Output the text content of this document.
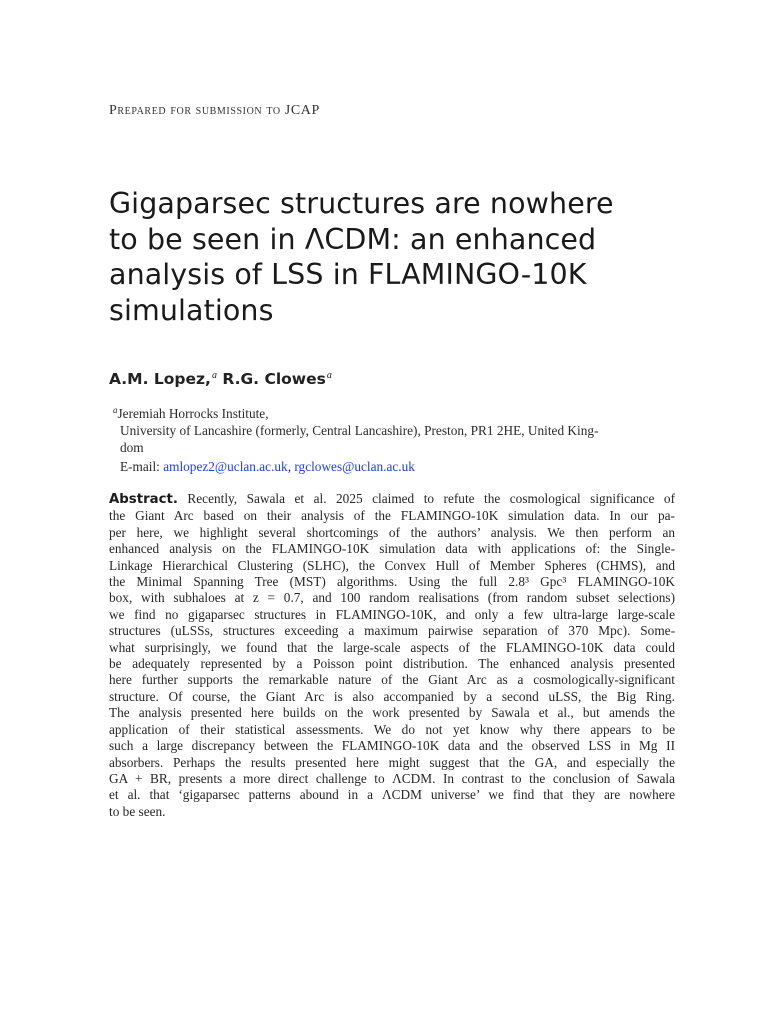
Prepared for submission to JCAP
Gigaparsec structures are nowhere
to be seen in ΛCDM: an enhanced
analysis of LSS in FLAMINGO-10K
simulations
A.M. Lopez,$^a$ R.G. Clowes$^a$
$^a$Jeremiah Horrocks Institute,
University of Lancashire (formerly, Central Lancashire), Preston, PR1 2HE, United King-
dom
E-mail: amlopez2@uclan.ac.uk, rgclowes@uclan.ac.uk
Abstract. Recently, Sawala et al. 2025 claimed to refute the cosmological significance of
the Giant Arc based on their analysis of the FLAMINGO-10K simulation data. In our pa-
per here, we highlight several shortcomings of the authors’ analysis. We then perform an
enhanced analysis on the FLAMINGO-10K simulation data with applications of: the Single-
Linkage Hierarchical Clustering (SLHC), the Convex Hull of Member Spheres (CHMS), and
the Minimal Spanning Tree (MST) algorithms. Using the full 2.8³ Gpc³ FLAMINGO-10K
box, with subhaloes at z = 0.7, and 100 random realisations (from random subset selections)
we find no gigaparsec structures in FLAMINGO-10K, and only a few ultra-large large-scale
structures (uLSSs, structures exceeding a maximum pairwise separation of 370 Mpc). Some-
what surprisingly, we found that the large-scale aspects of the FLAMINGO-10K data could
be adequately represented by a Poisson point distribution. The enhanced analysis presented
here further supports the remarkable nature of the Giant Arc as a cosmologically-significant
structure. Of course, the Giant Arc is also accompanied by a second uLSS, the Big Ring.
The analysis presented here builds on the work presented by Sawala et al., but amends the
application of their statistical assessments. We do not yet know why there appears to be
such a large discrepancy between the FLAMINGO-10K data and the observed LSS in Mg II
absorbers. Perhaps the results presented here might suggest that the GA, and especially the
GA + BR, presents a more direct challenge to ΛCDM. In contrast to the conclusion of Sawala
et al. that ‘gigaparsec patterns abound in a ΛCDM universe’ we find that they are nowhere
to be seen.
